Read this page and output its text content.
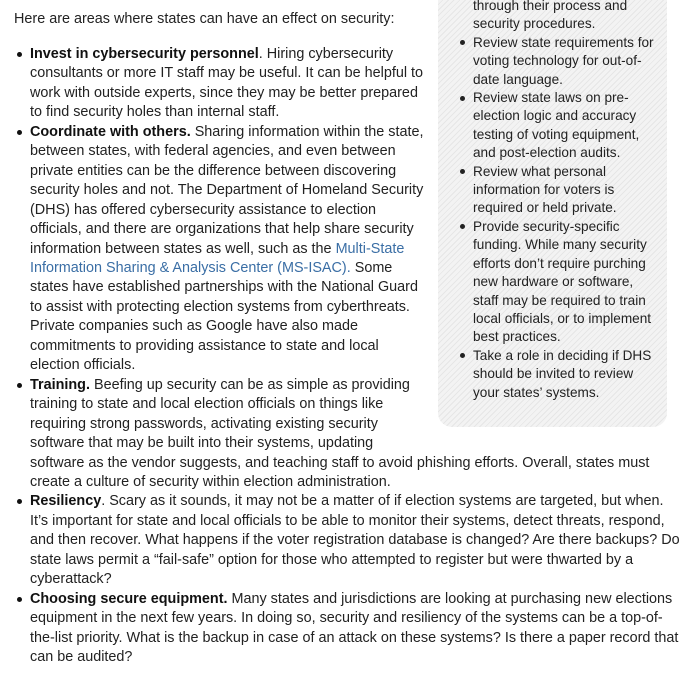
through their process and
security procedures.
Review state requirements for
voting technology for out-of-
date language.
Review state laws on pre-
election logic and accuracy
testing of voting equipment,
and post-election audits.
Review what personal
information for voters is
required or held private.
Provide security-specific
funding. While many security
efforts don’t require purching
new hardware or software,
staff may be required to train
local officials, or to implement
best practices.
Take a role in deciding if DHS
should be invited to review
your states’ systems.
Here are areas where states can have an effect on security:
Invest in cybersecurity personnel. Hiring cybersecurity
consultants or more IT staff may be useful. It can be helpful to
work with outside experts, since they may be better prepared
to find security holes than internal staff.
Coordinate with others. Sharing information within the state,
between states, with federal agencies, and even between
private entities can be the difference between discovering
security holes and not. The Department of Homeland Security
(DHS) has offered cybersecurity assistance to election
officials, and there are organizations that help share security
information between states as well, such as the Multi-State
Information Sharing & Analysis Center (MS-ISAC). Some
states have established partnerships with the National Guard
to assist with protecting election systems from cyberthreats.
Private companies such as Google have also made
commitments to providing assistance to state and local
election officials.
Training. Beefing up security can be as simple as providing
training to state and local election officials on things like
requiring strong passwords, activating existing security
software that may be built into their systems, updating
software as the vendor suggests, and teaching staff to avoid phishing efforts. Overall, states must
create a culture of security within election administration.
Resiliency. Scary as it sounds, it may not be a matter of if election systems are targeted, but when.
It’s important for state and local officials to be able to monitor their systems, detect threats, respond,
and then recover. What happens if the voter registration database is changed? Are there backups? Do
state laws permit a “fail-safe” option for those who attempted to register but were thwarted by a
cyberattack?
Choosing secure equipment. Many states and jurisdictions are looking at purchasing new elections
equipment in the next few years. In doing so, security and resiliency of the systems can be a top-of-
the-list priority. What is the backup in case of an attack on these systems? Is there a paper record that
can be audited?
